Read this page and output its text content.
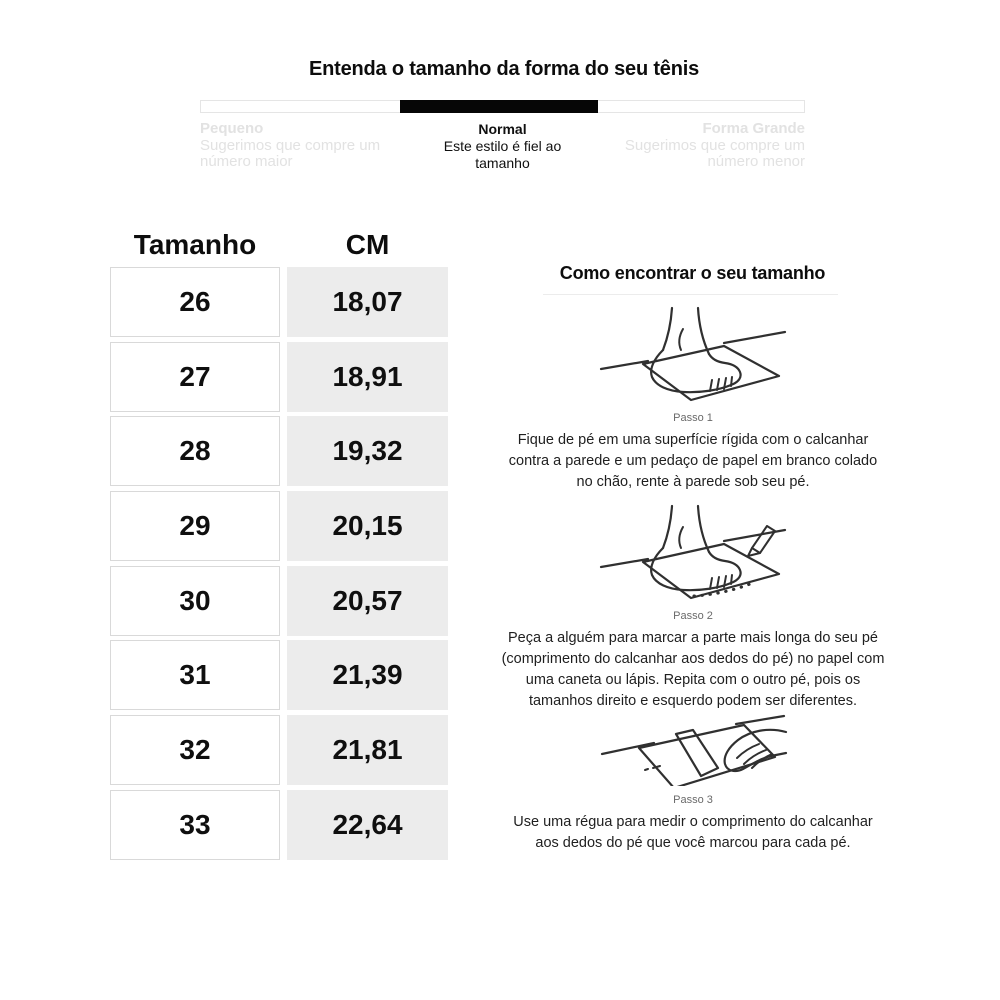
Entenda o tamanho da forma do seu tênis
Pequeno
Sugerimos que compre um número maior
Normal
Este estilo é fiel ao tamanho
Forma Grande
Sugerimos que compre um número menor
Tamanho	CM
26	18,07
27	18,91
28	19,32
29	20,15
30	20,57
31	21,39
32	21,81
33	22,64
Como encontrar o seu tamanho
Passo 1
Fique de pé em uma superfície rígida com o calcanhar contra a parede e um pedaço de papel em branco colado no chão, rente à parede sob seu pé.
Passo 2
Peça a alguém para marcar a parte mais longa do seu pé (comprimento do calcanhar aos dedos do pé) no papel com uma caneta ou lápis. Repita com o outro pé, pois os tamanhos direito e esquerdo podem ser diferentes.
Passo 3
Use uma régua para medir o comprimento do calcanhar aos dedos do pé que você marcou para cada pé.
